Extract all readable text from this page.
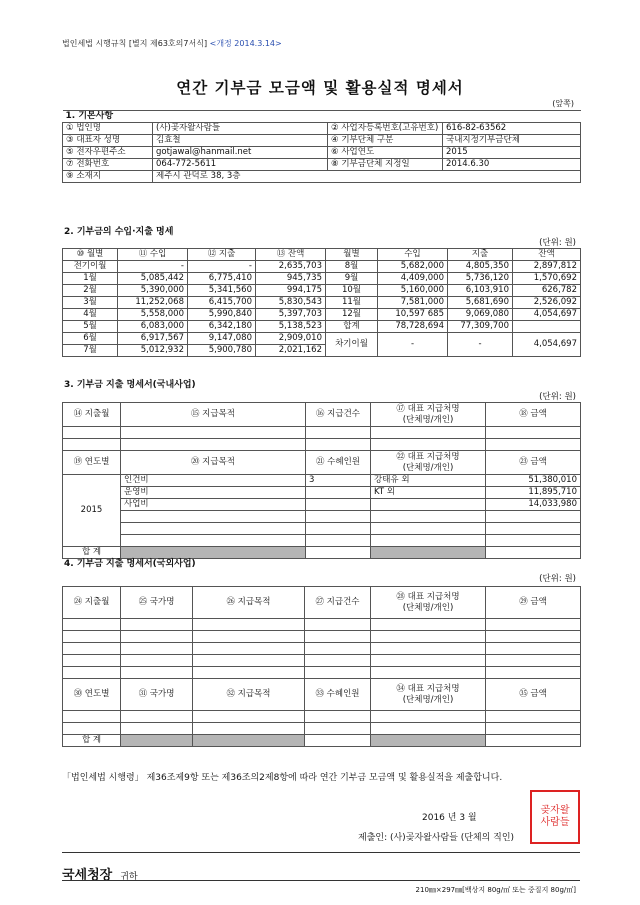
법인세법 시행규칙 [별지 제63호의7서식] <개정 2014.3.14>
연간 기부금 모금액 및 활용실적 명세서
(앞쪽)
1. 기본사항			
① 법인명	(사)곶자왈사람들	② 사업자등록번호(고유번호)	616-82-63562
③ 대표자 성명	김효철	④ 기부단체 구분	국내지정기부금단체
⑤ 전자우편주소	gotjawal@hanmail.net	⑥ 사업연도	2015
⑦ 전화번호	064-772-5611	⑧ 기부금단체 지정일	2014.6.30
⑨ 소재지	제주시 관덕로 38, 3층		
2. 기부금의 수입·지출 명세
(단위: 원)
⑩ 월별	⑪ 수입	⑫ 지출	⑬ 잔액	월별	수입	지출	잔액
전기이월	-	-	2,635,703	8월	5,682,000	4,805,350	2,897,812
1월	5,085,442	6,775,410	945,735	9월	4,409,000	5,736,120	1,570,692
2월	5,390,000	5,341,560	994,175	10월	5,160,000	6,103,910	626,782
3월	11,252,068	6,415,700	5,830,543	11월	7,581,000	5,681,690	2,526,092
4월	5,558,000	5,990,840	5,397,703	12월	10,597 685	9,069,080	4,054,697
5월	6,083,000	6,342,180	5,138,523	합계	78,728,694	77,309,700	
6월	6,917,567	9,147,080	2,909,010	차기이월	-	-	4,054,697
7월	5,012,932	5,900,780	2,021,162				
3. 기부금 지출 명세서(국내사업)
(단위: 원)
⑭ 지출월	⑮ 지급목적	⑯ 지급건수	⑰ 대표 지급처명
(단체명/개인)	⑱ 금액

⑲ 연도별	⑳ 지급목적	㉑ 수혜인원	㉒ 대표 지급처명
(단체명/개인)	㉓ 금액
2015	인건비	3	강태유 외	51,380,010
	운영비		KT 외	11,895,710
	사업비			14,033,980

합 계				
4. 기부금 지출 명세서(국외사업)
(단위: 원)
㉔ 지출월	㉕ 국가명	㉖ 지급목적	㉗ 지급건수	㉘ 대표 지급처명
(단체명/개인)	㉙ 금액

㉚ 연도별	㉛ 국가명	㉜ 지급목적	㉝ 수혜인원	㉞ 대표 지급처명
(단체명/개인)	㉟ 금액

합 계					
「법인세법 시행령」 제36조제9항 또는 제36조의2제8항에 따라 연간 기부금 모금액 및 활용실적을 제출합니다.
2016 년 3 월
제출인: (사)곶자왈사람들 (단체의 직인)
곶자왈
사람들
국세청장 귀하
210㎜×297㎜[백상지 80g/㎡ 또는 중질지 80g/㎡]
